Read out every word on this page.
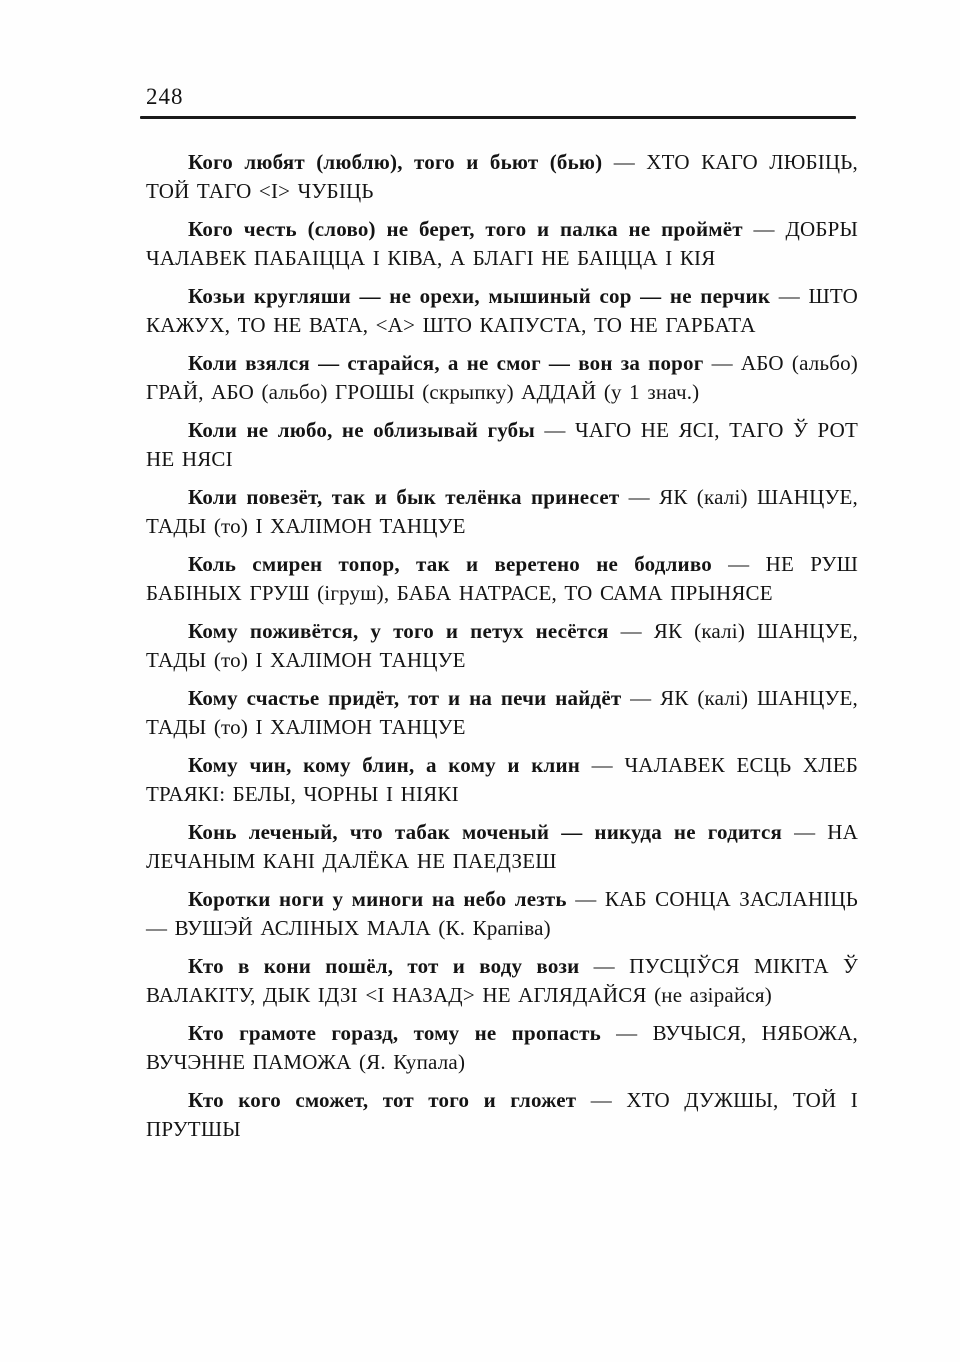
248

Кого любят (люблю), того и бьют (бью) — ХТО КАГО ЛЮБІЦЬ, ТОЙ ТАГО <І> ЧУБІЦЬ

Кого честь (слово) не берет, того и палка не проймёт — ДОБРЫ ЧАЛАВЕК ПАБАІЦЦА І КІВА, А БЛАГІ НЕ БАІЦЦА І КІЯ

Козьи кругляши — не орехи, мышиный сор — не перчик — ШТО КАЖУХ, ТО НЕ ВАТА, <А> ШТО КАПУСТА, ТО НЕ ГАРБАТА

Коли взялся — старайся, а не смог — вон за порог — АБО (альбо) ГРАЙ, АБО (альбо) ГРОШЫ (скрыпку) АДДАЙ (у 1 знач.)

Коли не любо, не облизывай губы — ЧАГО НЕ ЯСІ, ТАГО Ў РОТ НЕ НЯСІ

Коли повезёт, так и бык телёнка принесет — ЯК (калі) ШАНЦУЕ, ТАДЫ (то) І ХАЛІМОН ТАНЦУЕ

Коль смирен топор, так и веретено не бодливо — НЕ РУШ БАБІНЫХ ГРУШ (ігруш), БАБА НАТРАСЕ, ТО САМА ПРЫНЯСЕ

Кому поживётся, у того и петух несётся — ЯК (калі) ШАНЦУЕ, ТАДЫ (то) І ХАЛІМОН ТАНЦУЕ

Кому счастье придёт, тот и на печи найдёт — ЯК (калі) ШАНЦУЕ, ТАДЫ (то) І ХАЛІМОН ТАНЦУЕ

Кому чин, кому блин, а кому и клин — ЧАЛАВЕК ЕСЦЬ ХЛЕБ ТРАЯКІ: БЕЛЫ, ЧОРНЫ І НІЯКІ

Конь леченый, что табак моченый — никуда не годится — НА ЛЕЧАНЫМ КАНІ ДАЛЁКА НЕ ПАЕДЗЕШ

Коротки ноги у миноги на небо лезть — КАБ СОНЦА ЗАСЛАНІЦЬ — ВУШЭЙ АСЛІНЫХ МАЛА (К. Крапіва)

Кто в кони пошёл, тот и воду вози — ПУСЦІЎСЯ МІКІТА Ў ВАЛАКІТУ, ДЫК ІДЗІ <І НАЗАД> НЕ АГЛЯДАЙСЯ (не азірайся)

Кто грамоте горазд, тому не пропасть — ВУЧЫСЯ, НЯБОЖА, ВУЧЭННЕ ПАМОЖА (Я. Купала)

Кто кого сможет, тот того и гложет — ХТО ДУЖШЫ, ТОЙ І ПРУТШЫ
